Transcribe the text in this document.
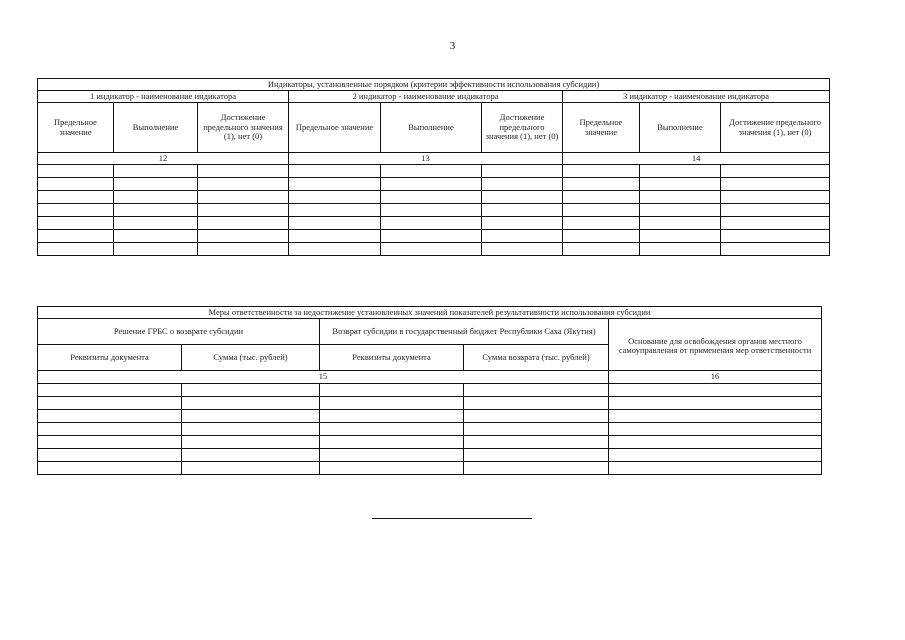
3
Индикаторы, установленные порядком (критерии эффективности использования субсидии)								
1 индикатор - наименование индикатора			2 индикатор - наименование индикатора			3 индикатор - наименование индикатора		
Предельное значение	Выполнение	Достижение предельного значения (1), нет (0)	Предельное значение	Выполнение	Достижение предельного значения (1), нет (0)	Предельное значение	Выполнение	Достижение предельного значения (1), нет (0)
12			13			14		

Меры ответственности за недостижение установленных значений показателей результативности использования субсидии				
Решение ГРБС о возврате субсидии		Возврат субсидии в государственный бюджет Республики Саха (Якутия)		Основание для освобождения органов местного самоуправления от применения мер ответственности
Реквизиты документа	Сумма (тыс. рублей)	Реквизиты документа	Сумма возврата (тыс. рублей)	
15				16
